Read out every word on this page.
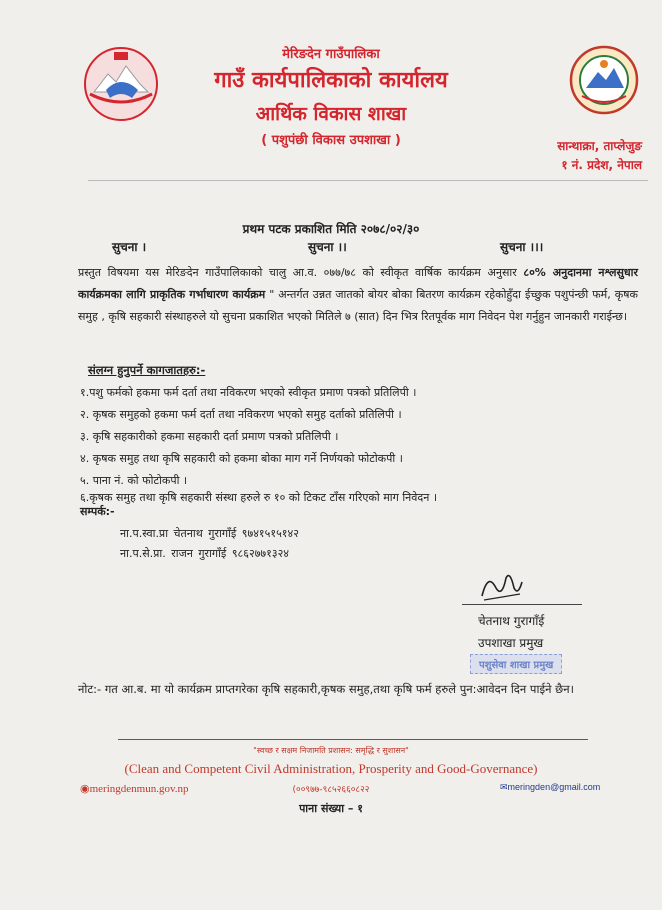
मेरिङदेन गाउँपालिका
गाउँ कार्यपालिकाको कार्यालय
आर्थिक विकास शाखा
( पशुपंछी विकास उपशाखा )	सान्थाक्रा, ताप्लेजुङ
१ नं. प्रदेश, नेपाल
प्रथम पटक प्रकाशित मिति २०७८/०२/३०
सुचना ।	सुचना ।।	सुचना ।।।
प्रस्तुत विषयमा यस मेरिङदेन गाउँपालिकाको चालु आ.व. ०७७/७८ को स्वीकृत वार्षिक कार्यक्रम अनुसार ८०% अनुदानमा नश्लसुधार कार्यक्रमका लागि प्राकृतिक गर्भाधारण कार्यक्रम " अन्तर्गत उन्नत जातको बोयर बोका बितरण कार्यक्रम रहेकोहुँदा ईच्छुक पशुपंन्छी फर्म, कृषक समुह , कृषि सहकारी संस्थाहरुले यो सुचना प्रकाशित भएको मितिले ७ (सात) दिन भित्र रितपूर्वक माग निवेदन पेश गर्नुहुन जानकारी गराईन्छ।
संलग्न हुनुपर्ने कागजातहरु:-
१.पशु फर्मको हकमा फर्म दर्ता तथा नविकरण भएको स्वीकृत प्रमाण पत्रको प्रतिलिपी ।
२. कृषक समुहको हकमा फर्म दर्ता तथा नविकरण भएको समुह दर्ताको प्रतिलिपी ।
३. कृषि सहकारीको हकमा सहकारी दर्ता प्रमाण पत्रको प्रतिलिपी ।
४. कृषक समुह तथा कृषि सहकारी को हकमा बोका माग गर्ने निर्णयको फोटोकपी ।
५. पाना नं. को फोटोकपी ।
६.कृषक समुह तथा कृषि सहकारी संस्था हरुले रु १० को टिकट टाँस गरिएको माग निवेदन ।
सम्पर्क:-
ना.प.स्वा.प्रा चेतनाथ गुरागाँई ९७४१५१५१४२
ना.प.से.प्रा. राजन गुरागाँई ९८६२७७१३२४
चेतनाथ गुरागाँई
उपशाखा प्रमुख
पशुसेवा शाखा प्रमुख
नोट:- गत आ.ब. मा यो कार्यक्रम प्राप्तगरेका कृषि सहकारी,कृषक समुह,तथा कृषि फर्म हरुले पुन:आवेदन दिन पाईने छैन।
"स्वच्छ र सक्षम निजामति प्रशासन: समृद्धि र सुशासन"
(Clean and Competent Civil Administration, Prosperity and Good-Governance)
◉meringdenmun.gov.np	(००९७७-९८५२६६०८२२	✉meringden@gmail.com
पाना संख्या – १
